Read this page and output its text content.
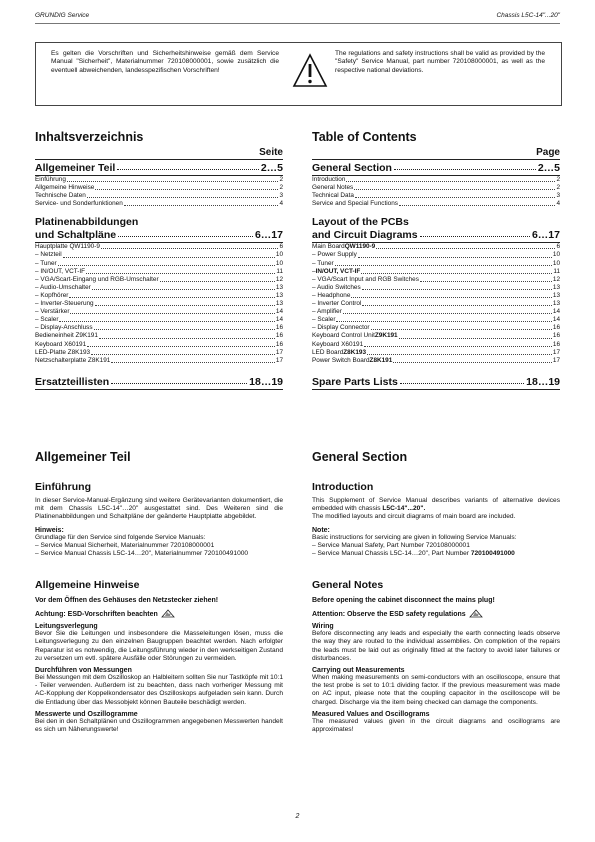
GRUNDIG Service	Chassis L5C-14"...20"
Es gelten die Vorschriften und Sicherheitshinweise gemäß dem Service Manual "Sicherheit", Materialnummer 720108000001, sowie zusätzlich die eventuell abweichenden, landesspezifischen Vorschriften!
The regulations and safety instructions shall be valid as provided by the "Safety" Service Manual, part number 720108000001, as well as the respective national deviations.
Inhaltsverzeichnis
Seite
Allgemeiner Teil	2…5
Einführung	2
Allgemeine Hinweise	2
Technische Daten	3
Service- und Sonderfunktionen	4
Platinenabbildungen
und Schaltpläne	6…17
Hauptplatte QW1190-9	6
– Netzteil	10
– Tuner	10
– IN/OUT, VCT-IF	11
– VGA/Scart-Eingang und RGB-Umschalter	12
– Audio-Umschalter	13
– Kopfhörer	13
– Inverter-Steuerung	13
– Verstärker	14
– Scaler	14
– Display-Anschluss	16
Bedieneinheit Z9K191	16
Keyboard X60191	16
LED-Platte Z8K193	17
Netzschalterplatte Z8K191	17
Ersatzteillisten	18…19
Table of Contents
Page
General Section	2…5
Introduction	2
General Notes	2
Technical Data	3
Service and Special Functions	4
Layout of the PCBs
and Circuit Diagrams	6…17
Main Board QW1190-9	6
– Power Supply	10
– Tuner	10
– IN/OUT, VCT-IF	11
– VGA/Scart Input and RGB Switches	12
– Audio Switches	13
– Headphone	13
– Inverter Control	13
– Amplifier	14
– Scaler	14
– Display Connector	16
Keyboard Control Unit Z9K191	16
Keyboard X60191	16
LED Board Z8K193	17
Power Switch Board Z8K191	17
Spare Parts Lists	18…19
Allgemeiner Teil
Einführung
In dieser Service-Manual-Ergänzung sind weitere Gerätevarianten dokumentiert, die mit dem Chassis L5C-14"…20" ausgestattet sind. Des Weiteren sind die Platinenabbildungen und Schaltpläne der geänderte Hauptplatte abgebildet.
Hinweis:
Grundlage für den Service sind folgende Service Manuals:
– Service Manual Sicherheit, Materialnummer 720108000001
– Service Manual Chassis L5C-14…20", Materialnummer 720100491000
Allgemeine Hinweise
Vor dem Öffnen des Gehäuses den Netzstecker ziehen!
Achtung: ESD-Vorschriften beachten
Leitungsverlegung
Bevor Sie die Leitungen und insbesondere die Masseleitungen lösen, muss die Leitungsverlegung zu den einzelnen Baugruppen beachtet werden. Nach erfolgter Reparatur ist es notwendig, die Leitungsführung wieder in den werkseitigen Zustand zu versetzen um evtl. spätere Ausfälle oder Störungen zu vermeiden.
Durchführen von Messungen
Bei Messungen mit dem Oszilloskop an Halbleitern sollten Sie nur Tastköpfe mit 10:1 - Teiler verwenden. Außerdem ist zu beachten, dass nach vorheriger Messung mit AC-Kopplung der Koppelkondensator des Oszilloskops aufgeladen sein kann. Durch die Entladung über das Messobjekt können Bauteile beschädigt werden.
Messwerte und Oszillogramme
Bei den in den Schaltplänen und Oszillogrammen angegebenen Messwerten handelt es sich um Näherungswerte!
General Section
Introduction
This Supplement of Service Manual describes variants of alternative devices embedded with chassis L5C-14"...20".
The modified layouts and circuit diagrams of main board are included.
Note:
Basic instructions for servicing are given in following Service Manuals:
– Service Manual Safety, Part Number 720108000001
– Service Manual Chassis L5C-14…20", Part Number 720100491000
General Notes
Before opening the cabinet disconnect the mains plug!
Attention: Observe the ESD safety regulations
Wiring
Before disconnecting any leads and especially the earth connecting leads observe the way they are routed to the individual assemblies. On completion of the repairs the leads must be laid out as originally fitted at the factory to avoid later failures or disturbances.
Carrying out Measurements
When making measurements on semi-conductors with an oscilloscope, ensure that the test probe is set to 10:1 dividing factor. If the previous measurement was made on AC input, please note that the coupling capacitor in the oscilloscope will be charged. Discharge via the item being checked can damage the components.
Measured Values and Oscillograms
The measured values given in the circuit diagrams and oscillograms are approximates!
2
